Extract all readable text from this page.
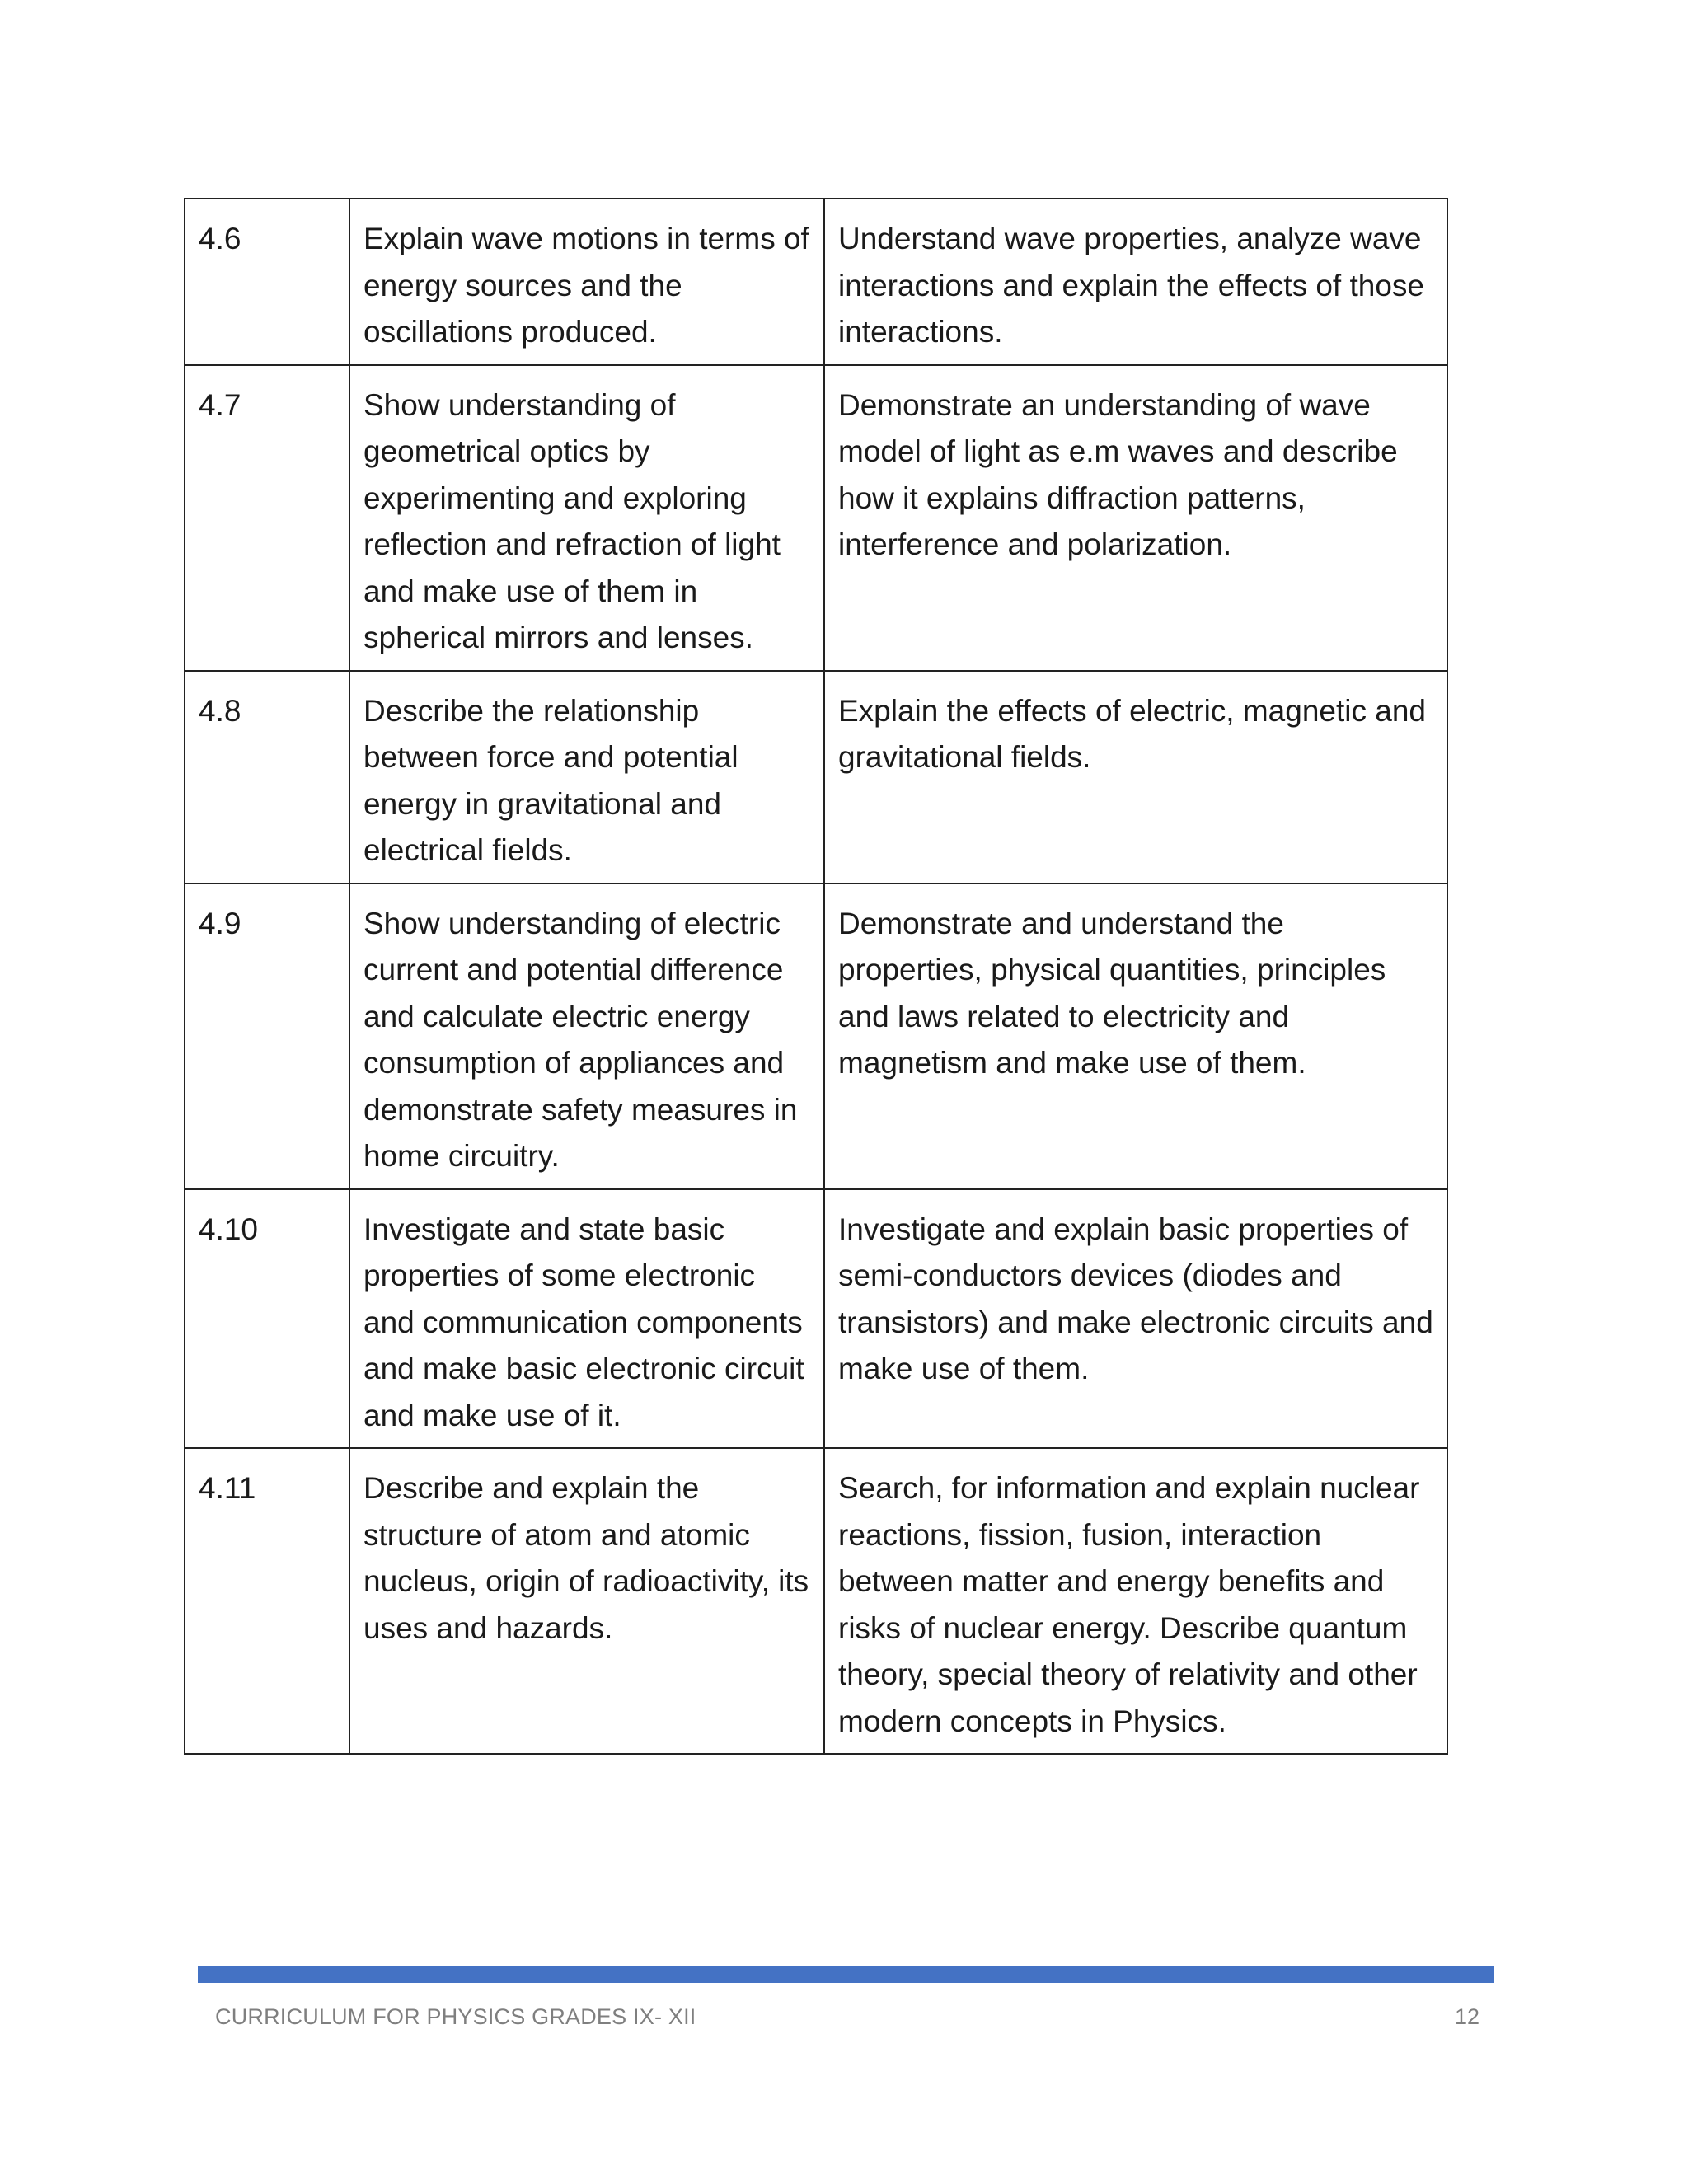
4.6	Explain wave motions in terms of energy sources and the oscillations produced.	Understand wave properties, analyze wave interactions and explain the effects of those interactions.
4.7	Show understanding of geometrical optics by experimenting and exploring reflection and refraction of light and make use of them in spherical mirrors and lenses.	Demonstrate an understanding of wave model of light as e.m waves and describe how it explains diffraction patterns, interference and polarization.
4.8	Describe the relationship between force and potential energy in gravitational and electrical fields.	Explain the effects of electric, magnetic and gravitational fields.
4.9	Show understanding of electric current and potential difference and calculate electric energy consumption of appliances and demonstrate safety measures in home circuitry.	Demonstrate and understand the properties, physical quantities, principles and laws related to electricity and magnetism and make use of them.
4.10	Investigate and state basic properties of some electronic and communication components and make basic electronic circuit and make use of it.	Investigate and explain basic properties of semi-conductors devices (diodes and transistors) and make electronic circuits and make use of them.
4.11	Describe and explain the structure of atom and atomic nucleus, origin of radioactivity, its uses and hazards.	Search, for information and explain nuclear reactions, fission, fusion, interaction between matter and energy benefits and risks of nuclear energy. Describe quantum theory, special theory of relativity and other modern concepts in Physics.
CURRICULUM FOR PHYSICS GRADES IX- XII	12
